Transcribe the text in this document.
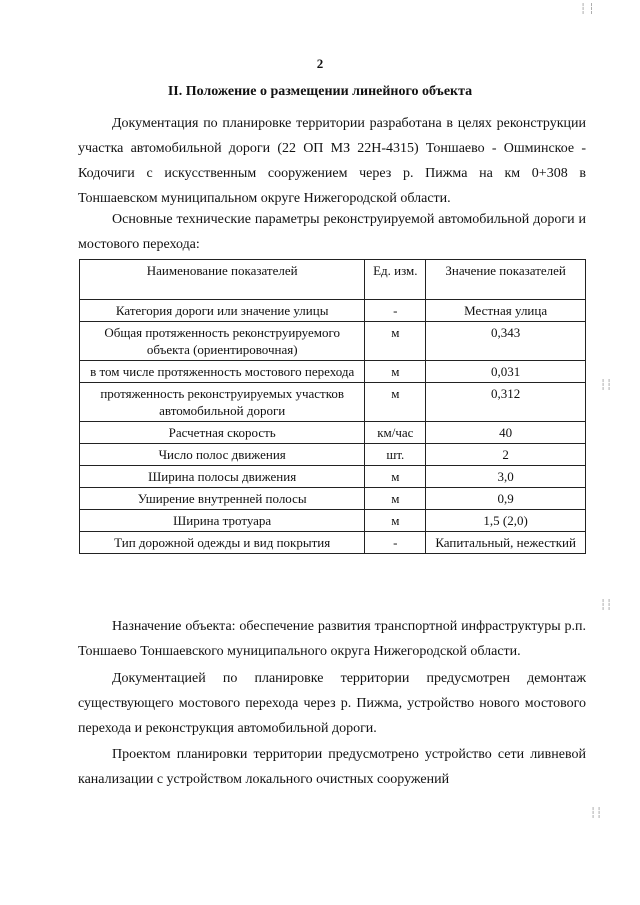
2
II. Положение о размещении линейного объекта
Документация по планировке территории разработана в целях реконструкции участка автомобильной дороги (22 ОП МЗ 22Н-4315) Тоншаево - Ошминское - Кодочиги с искусственным сооружением через р. Пижма на км 0+308 в Тоншаевском муниципальном округе Нижегородской области.
Основные технические параметры реконструируемой автомобильной дороги и мостового перехода:
Наименование показателей	Ед. изм.	Значение показателей
Категория дороги или значение улицы	-	Местная улица
Общая протяженность реконструируемого объекта (ориентировочная)	м	0,343
в том числе протяженность мостового перехода	м	0,031
протяженность реконструируемых участков автомобильной дороги	м	0,312
Расчетная скорость	км/час	40
Число полос движения	шт.	2
Ширина полосы движения	м	3,0
Уширение внутренней полосы	м	0,9
Ширина тротуара	м	1,5 (2,0)
Тип дорожной одежды и вид покрытия	-	Капитальный, нежесткий
Назначение объекта: обеспечение развития транспортной инфраструктуры р.п. Тоншаево Тоншаевского муниципального округа Нижегородской области.
Документацией по планировке территории предусмотрен демонтаж существующего мостового перехода через р. Пижма, устройство нового мостового перехода и реконструкция автомобильной дороги.
Проектом планировки территории предусмотрено устройство сети ливневой канализации с устройством локального очистных сооружений
┆ ┆
┆┆
┆┆
┆┆
